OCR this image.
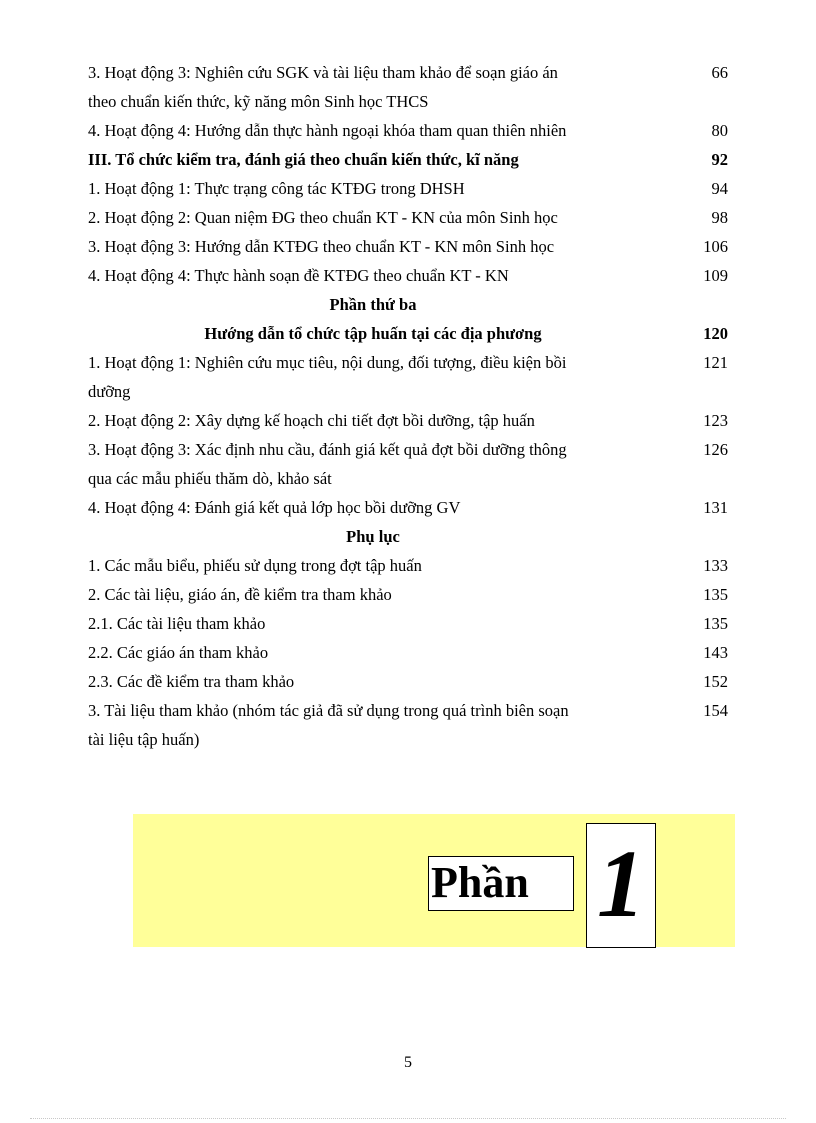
3. Hoạt động 3: Nghiên cứu SGK và tài liệu tham khảo để soạn giáo án	66
theo chuẩn kiến thức, kỹ năng môn Sinh học THCS
4. Hoạt động 4: Hướng dẫn thực hành ngoại khóa tham quan thiên nhiên	80
III. Tổ chức kiểm tra, đánh giá theo chuẩn kiến thức, kĩ năng	92
1. Hoạt động 1: Thực trạng công tác KTĐG trong DHSH	94
2. Hoạt động 2: Quan niệm ĐG theo chuẩn KT - KN của môn Sinh học	98
3. Hoạt động 3: Hướng dẫn KTĐG theo chuẩn KT - KN môn Sinh học	106
4. Hoạt động 4: Thực hành soạn đề KTĐG theo chuẩn KT - KN	109
Phần thứ ba
Hướng dẫn tổ chức tập huấn tại các địa phương	120
1. Hoạt động 1: Nghiên cứu mục tiêu, nội dung, đối tượng, điều kiện bồi	121
dưỡng
2. Hoạt động 2: Xây dựng kế hoạch chi tiết đợt bồi dưỡng, tập huấn	123
3. Hoạt động 3: Xác định nhu cầu, đánh giá kết quả đợt bồi dưỡng thông	126
qua các mẫu phiếu thăm dò, khảo sát
4. Hoạt động 4: Đánh giá kết quả lớp học bồi dưỡng GV	131
Phụ lục
1. Các mẫu biểu, phiếu sử dụng trong đợt tập huấn	133
2. Các tài liệu, giáo án, đề kiểm tra tham khảo	135
2.1. Các tài liệu tham khảo	135
2.2. Các giáo án tham khảo	143
2.3. Các đề kiểm tra tham khảo	152
3. Tài liệu tham khảo (nhóm tác giả đã sử dụng trong quá trình biên soạn	154
tài liệu tập huấn)
Phần 1
5
